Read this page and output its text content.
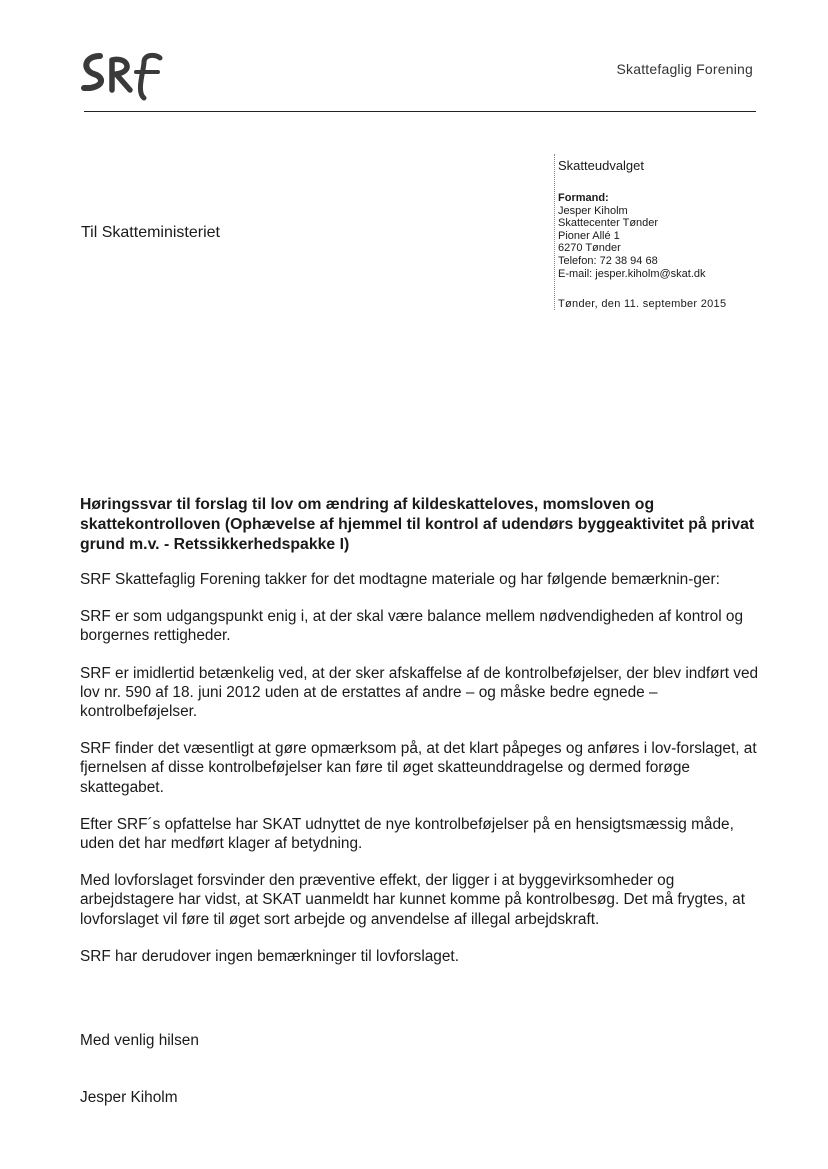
Skattefaglig Forening
Til Skatteministeriet
Skatteudvalget
Formand:
Jesper Kiholm
Skattecenter Tønder
Pioner Allé 1
6270 Tønder
Telefon: 72 38 94 68
E-mail: jesper.kiholm@skat.dk
Tønder, den 11. september 2015
Høringssvar til forslag til lov om ændring af kildeskatteloves, momsloven og skattekontrolloven (Ophævelse af hjemmel til kontrol af udendørs byggeaktivitet på privat grund m.v. - Retssikkerhedspakke I)

SRF Skattefaglig Forening takker for det modtagne materiale og har følgende bemærknin-ger:

SRF er som udgangspunkt enig i, at der skal være balance mellem nødvendigheden af kontrol og borgernes rettigheder.

SRF er imidlertid betænkelig ved, at der sker afskaffelse af de kontrolbeføjelser, der blev indført ved lov nr. 590 af 18. juni 2012 uden at de erstattes af andre – og måske bedre egnede – kontrolbeføjelser.

SRF finder det væsentligt at gøre opmærksom på, at det klart påpeges og anføres i lov-forslaget, at fjernelsen af disse kontrolbeføjelser kan føre til øget skatteunddragelse og dermed forøge skattegabet.

Efter SRF´s opfattelse har SKAT udnyttet de nye kontrolbeføjelser på en hensigtsmæssig måde, uden det har medført klager af betydning.

Med lovforslaget forsvinder den præventive effekt, der ligger i at byggevirksomheder og arbejdstagere har vidst, at SKAT uanmeldt har kunnet komme på kontrolbesøg. Det må frygtes, at lovforslaget vil føre til øget sort arbejde og anvendelse af illegal arbejdskraft.

SRF har derudover ingen bemærkninger til lovforslaget.

Med venlig hilsen

Jesper Kiholm
